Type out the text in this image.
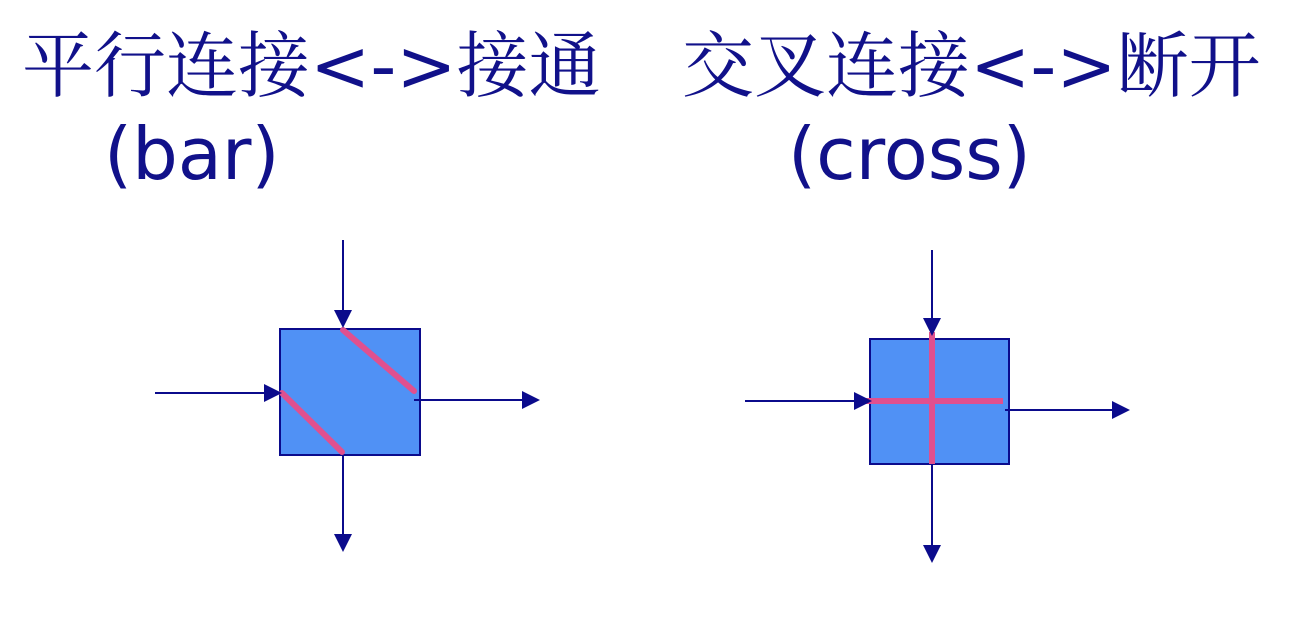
平行连接<->接通
(bar)
交叉连接<->断开
(cross)
